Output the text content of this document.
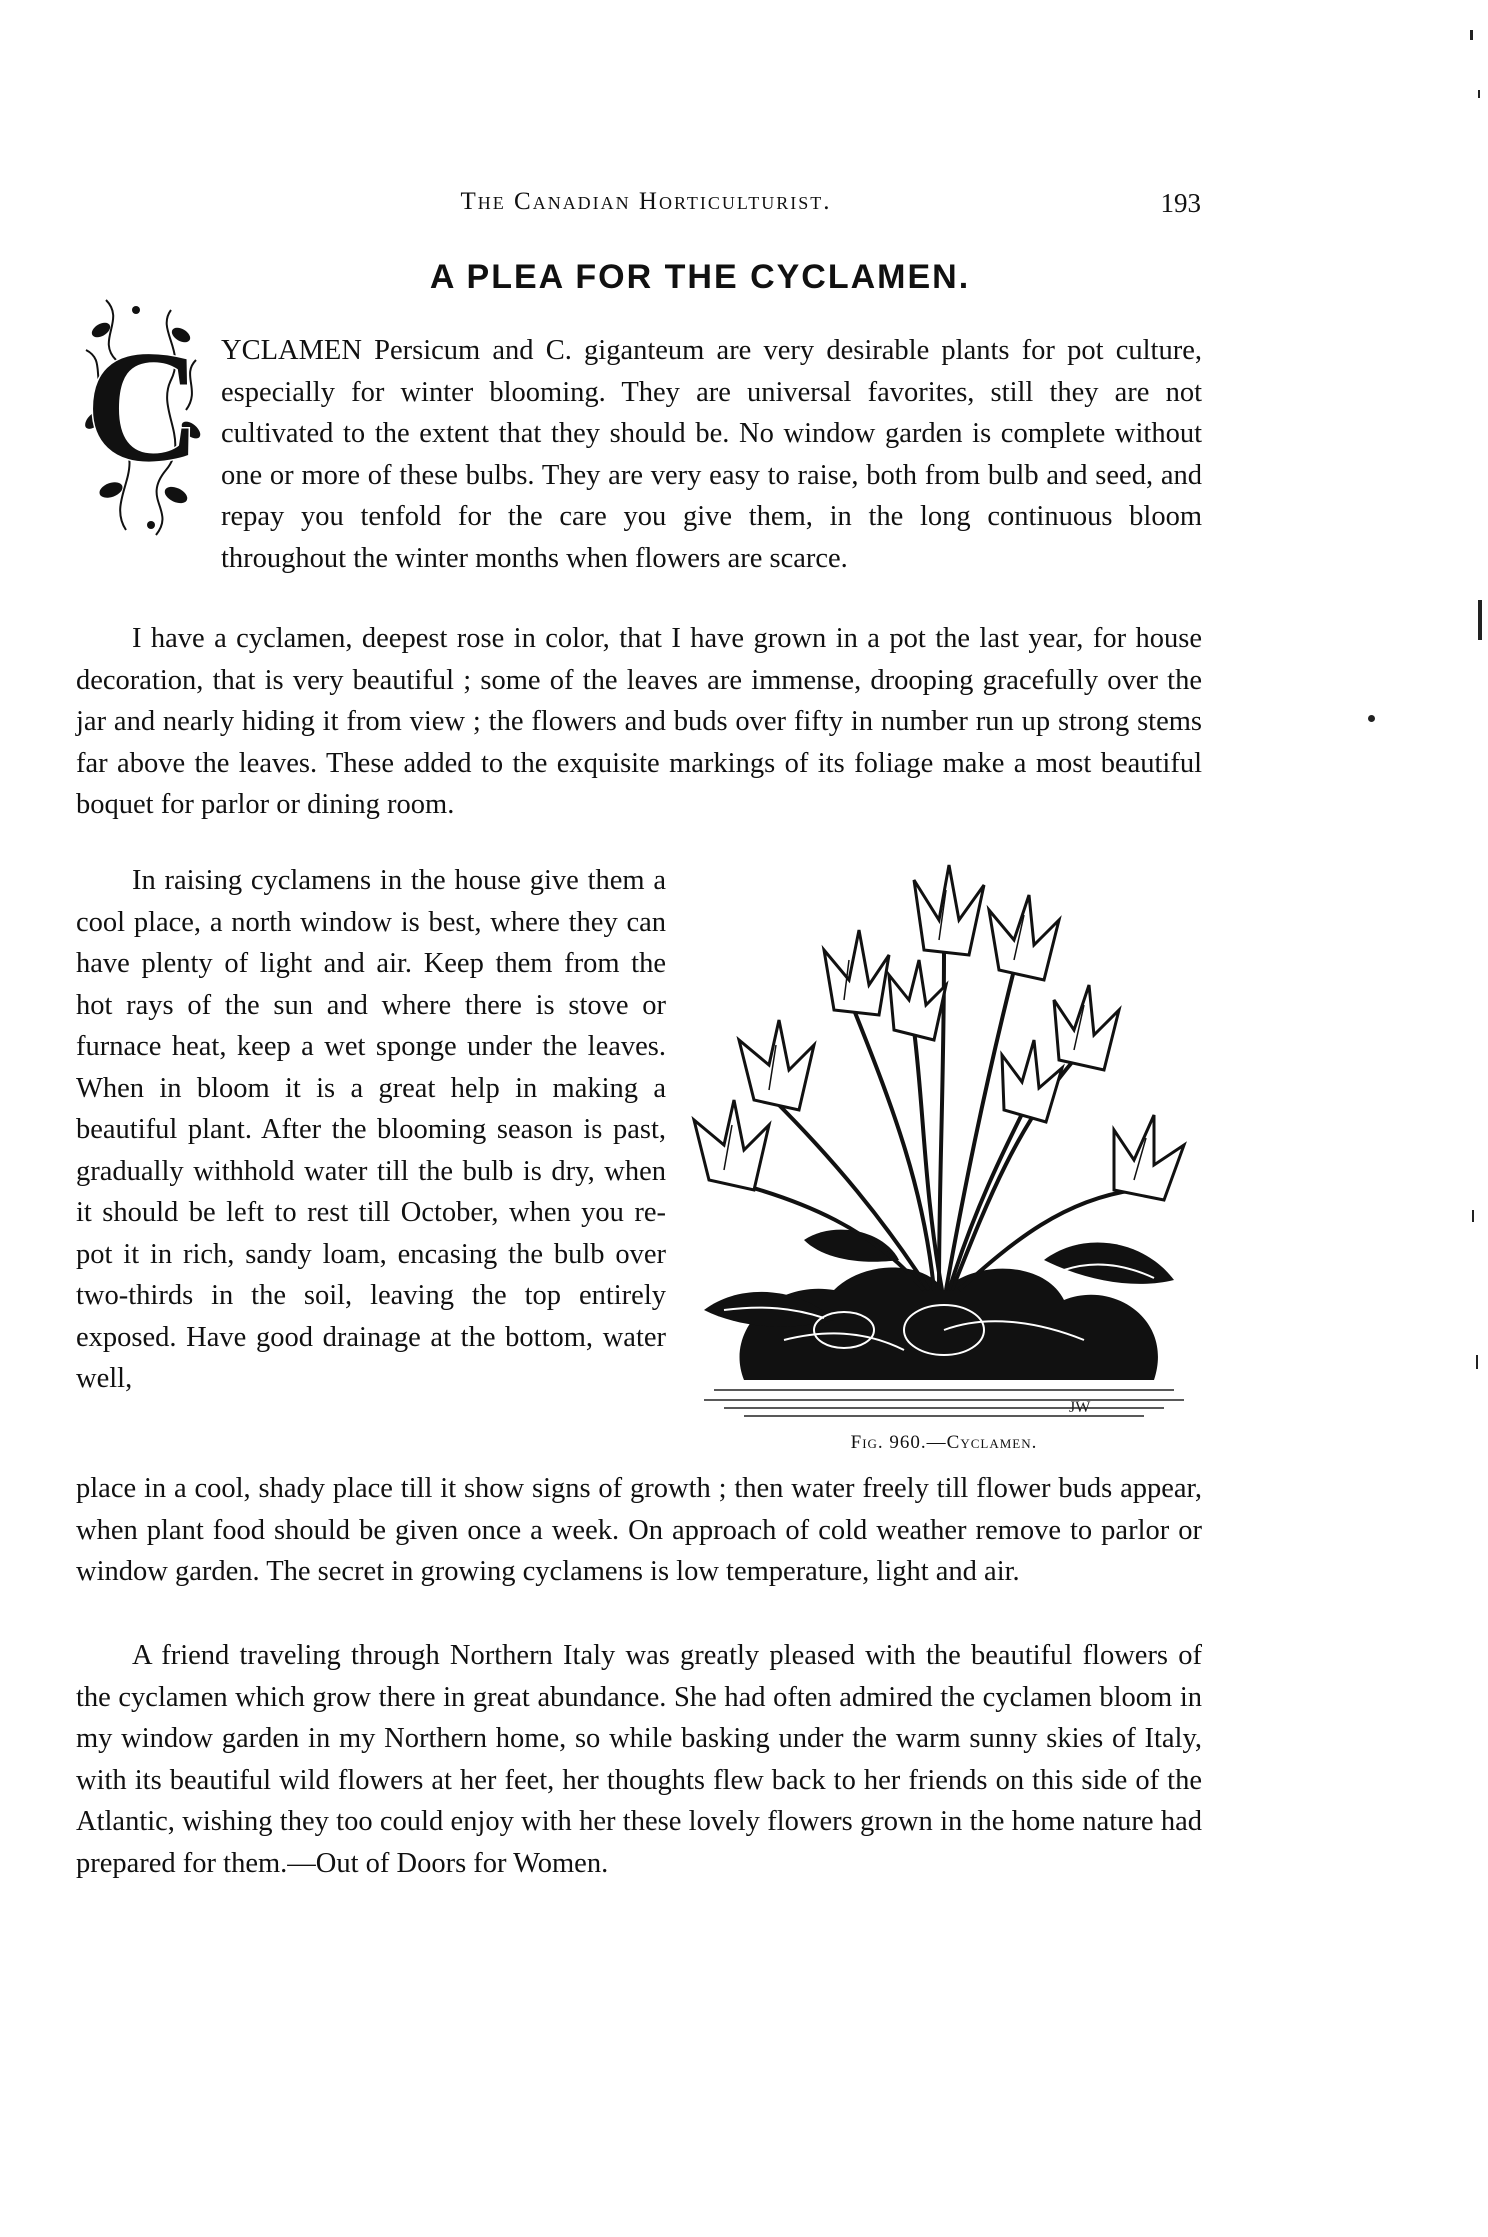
The Canadian Horticulturist.	193
A PLEA FOR THE CYCLAMEN.
C YCLAMEN Persicum and C. giganteum are very desirable plants for pot culture, especially for winter blooming. They are universal favorites, still they are not cultivated to the extent that they should be. No window garden is complete without one or more of these bulbs. They are very easy to raise, both from bulb and seed, and repay you tenfold for the care you give them, in the long continuous bloom throughout the winter months when flowers are scarce.

I have a cyclamen, deepest rose in color, that I have grown in a pot the last year, for house decoration, that is very beautiful ; some of the leaves are immense, drooping gracefully over the jar and nearly hiding it from view ; the flowers and buds over fifty in number run up strong stems far above the leaves. These added to the exquisite markings of its foliage make a most beautiful boquet for parlor or dining room.

In raising cyclamens in the house give them a cool place, a north window is best, where they can have plenty of light and air. Keep them from the hot rays of the sun and where there is stove or furnace heat, keep a wet sponge under the leaves. When in bloom it is a great help in making a beautiful plant. After the blooming season is past, gradually withhold water till the bulb is dry, when it should be left to rest till October, when you re-pot it in rich, sandy loam, encasing the bulb over two-thirds in the soil, leaving the top entirely exposed. Have good drainage at the bottom, water well,

JW
Fig. 960.—Cyclamen.

place in a cool, shady place till it show signs of growth ; then water freely till flower buds appear, when plant food should be given once a week. On approach of cold weather remove to parlor or window garden. The secret in growing cyclamens is low temperature, light and air.

A friend traveling through Northern Italy was greatly pleased with the beautiful flowers of the cyclamen which grow there in great abundance. She had often admired the cyclamen bloom in my window garden in my Northern home, so while basking under the warm sunny skies of Italy, with its beautiful wild flowers at her feet, her thoughts flew back to her friends on this side of the Atlantic, wishing they too could enjoy with her these lovely flowers grown in the home nature had prepared for them.—Out of Doors for Women.
